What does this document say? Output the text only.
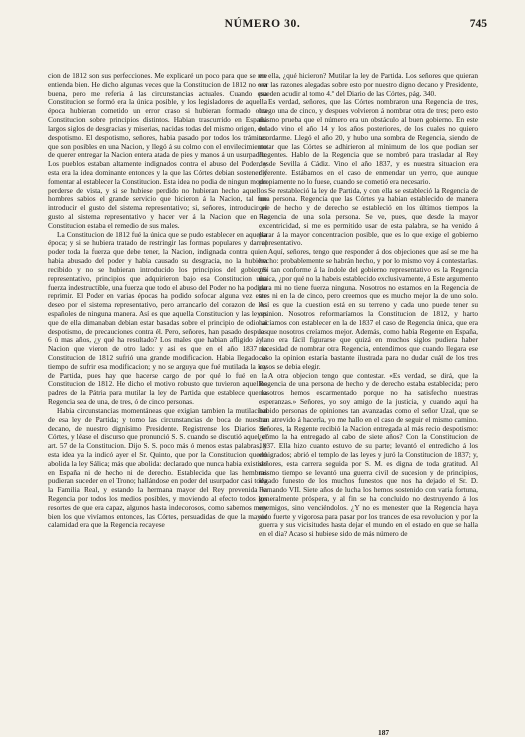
NÚMERO 30.	745

cion de 1812 son sus perfecciones. Me explicaré un poco para que se me entienda bien. He dicho algunas veces que la Constitucion de 1812 no era buena, pero me referia á las circunstancias actuales. Cuando esa Constitucion se formó era la única posible, y los legisladores de aquella época hubieran cometido un error craso si hubieran formado otra Constitucion sobre principios distintos. Habian trascurrido en España largos siglos de desgracias y miserias, nacidas todas del mismo origen, del despotismo. El despotismo, señores, habia pasado por todos los trámites que son posibles en una Nacion, y llegó á su colmo con el envilecimiento de querer entregar la Nacion entera atada de pies y manos á un usurpador. Los pueblos estaban altamente indignados contra el abuso del Poder, y esta era la idea dominante entonces y la que las Córtes debian sostener y fomentar al establecer la Constitucion. Esta idea no podia de ningun modo perderse de vista, y si se hubiese perdido no hubieran hecho aquellos hombres sabios el grande servicio que hicieron á la Nacion, tal fue introducir el gusto del sistema representativo; si, señores, introducir el gusto al sistema representativo y hacer ver á la Nacion que en la Constitucion estaba el remedio de sus males.

La Constitucion de 1812 fué la única que se pudo establecer en aquella época; y si se hubiera tratado de restringir las formas populares y dar al poder toda la fuerza que debe tener, la Nacion, indignada contra quien habia abusado del poder y habia causado su desgracia, no la hubiera recibido y no se hubieran introducido los principios del gobierno representativo, principios que adquirieron bajo esa Constitucion una fuerza indestructible, una fuerza que todo el abuso del Poder no ha podido reprimir. El Poder en varias épocas ha podido sofocar alguna vez este deseo por el sistema representativo, pero arrancarlo del corazon de los españoles de ninguna manera. Así es que aquella Constitucion y las leyes que de ella dimanaban debian estar basadas sobre el principio de odio al despotismo, de precauciones contra él. Pero, señores, han pasado despues 6 ú mas años, ¿y qué ha resultado? Los males que habian afligido á la Nacion que vieron de otro lado: y asi es que en el año 1837 la Constitucion de 1812 sufrió una grande modificacion. Habia llegado el tiempo de sufrir esa modificacion; y no se arguya que fué mutilada la ley de Partida, pues hay que hacerse cargo de por qué lo fué en la Constitucion de 1812. He dicho el motivo robusto que tuvieron aquellos padres de la Pátria para mutilar la ley de Partida que establece que la Regencia sea de una, de tres, ó de cinco personas.

Habia circunstancias momentáneas que exigian tambien la mutilacion de esa ley de Partida; y tomo las circunstancias de boca de nuestro decano, de nuestro dignísimo Presidente. Registrense los Diarios de Córtes, y léase el discurso que pronunció S. S. cuando se discutió aquel el art. 57 de la Constitucion. Dijo S. S. poco más ó menos estas palabras, y esta idea ya la indicó ayer el Sr. Quinto, que por la Constitucion quedó abolida la ley Sálica; más que abolida: declarado que nunca habia existido en España ni de hecho ni de derecho. Establecida que las hembras pudieran suceder en el Trono; hallándose en poder del usurpador casi toda la Familia Real, y estando la hermana mayor del Rey prevenida la Regencia por todos los medios posibles, y moviendo al efecto todos los resortes de que era capaz, algunos hasta indecorosos, como sabemos muy bien los que vivíamos entonces, las Córtes, persuadidas de que la mayor calamidad era que la Regencia recayese

en ella, ¿qué hicieron? Mutilar la ley de Partida. Los señores que quieran ver las razones alegadas sobre esto por nuestro digno decano y Presidente, pueden acudir al tomo 4.º del Diario de las Córtes, pág. 340.

Es verdad, señores, que las Córtes nombraron una Regencia de tres, luego una de cinco, y despues volvieron á nombrar otra de tres; pero esto mismo prueba que el número era un obstáculo al buen gobierno. En este estado vino el año 14 y los años posteriores, de los cuales no quiero acordarme. Llegó el año 20, y hubo una sombra de Regencia, siendo de notar que las Córtes se adhirieron al mínimum de los que podian ser Regentes. Hablo de la Regencia que se nombró para trasladar al Rey desde Sevilla á Cádiz. Vino el año 1837, y es nuestra situacion era diferente. Estábamos en el caso de enmendar un yerro, que aunque propiamente no lo fuese, cuando se cometió era necesario.

Se restableció la ley de Partida, y con ella se estableció la Regencia de una persona. Regencia que las Córtes ya habian establecido de manera que de hecho y de derecho se estableció en los últimos tiempos la Regencia de una sola persona. Se ve, pues, que desde la mayor excentricidad, si me es permitido usar de esta palabra, se ha venido á parar á la mayor concentracion posible, que es lo que exige el gobierno representativo.

Aquí, señores, tengo que responder á dos objeciones que así se me ha hecho: probablemente se habrán hecho, y por lo mismo voy á contestarlas. ¿Si tan conforme á la índole del gobierno representativo es la Regencia única, ¿por qué no la habeis establecido exclusivamente, á Este argumento para mi no tiene fuerza ninguna. Nosotros no estamos en la Regencia de tres ni en la de cinco, pero creemos que es mucho mejor la de uno solo. Así es que la cuestion está en su terreno y cada uno puede tener su opinion. Nosotros reformaríamos la Constitucion de 1812, y harto hacíamos con establecer en la de 1837 el caso de Regencia única, que era la que nosotros creíamos mejor. Además, como había Regente en España, y no era fácil figurarse que quizá en muchos siglos pudiera haber necesidad de nombrar otra Regencia, entendimos que cuando llegara ese caso la opinion estaría bastante ilustrada para no dudar cuál de los tres casos se debia elegir.

A otra objecion tengo que contestar. «Es verdad, se dirá, que la Regencia de una persona de hecho y de derecho estaba establecida; pero nosotros hemos escarmentado porque no ha satisfecho nuestras esperanzas.» Señores, yo soy amigo de la justicia, y cuando aquí ha habido personas de opiniones tan avanzadas como el señor Uzal, que se han atrevido á hacerla, yo me hallo en el caso de seguir el mismo camino. Señores, la Regente recibió la Nacion entregada al más recio despotismo: ¿cómo la ha entregado al cabo de siete años? Con la Constitucion de 1837. Ella hizo cuanto estuvo de su parte; levantó el entredicho á los emigrados; abrió el templo de las leyes y juró la Constitucion de 1837; y, señores, esta carrera seguida por S. M. es digna de toda gratitud. Al mismo tiempo se levantó una guerra civil de sucesion y de principios, legado funesto de los muchos funestos que nos ha dejado el Sr. D. Fernando VII. Siete años de lucha los hemos sostenido con varia fortuna, generalmente próspera, y al fin se ha concluido no destruyendo á los enemigos, sino venciéndolos. ¿Y no es menester que la Regencia haya sido fuerte y vigorosa para pasar por los trances de esa revolucion y por la guerra y sus vicisitudes hasta dejar el mundo en el estado en que se halla en el dia? Acaso si hubiese sido de más número de

187
